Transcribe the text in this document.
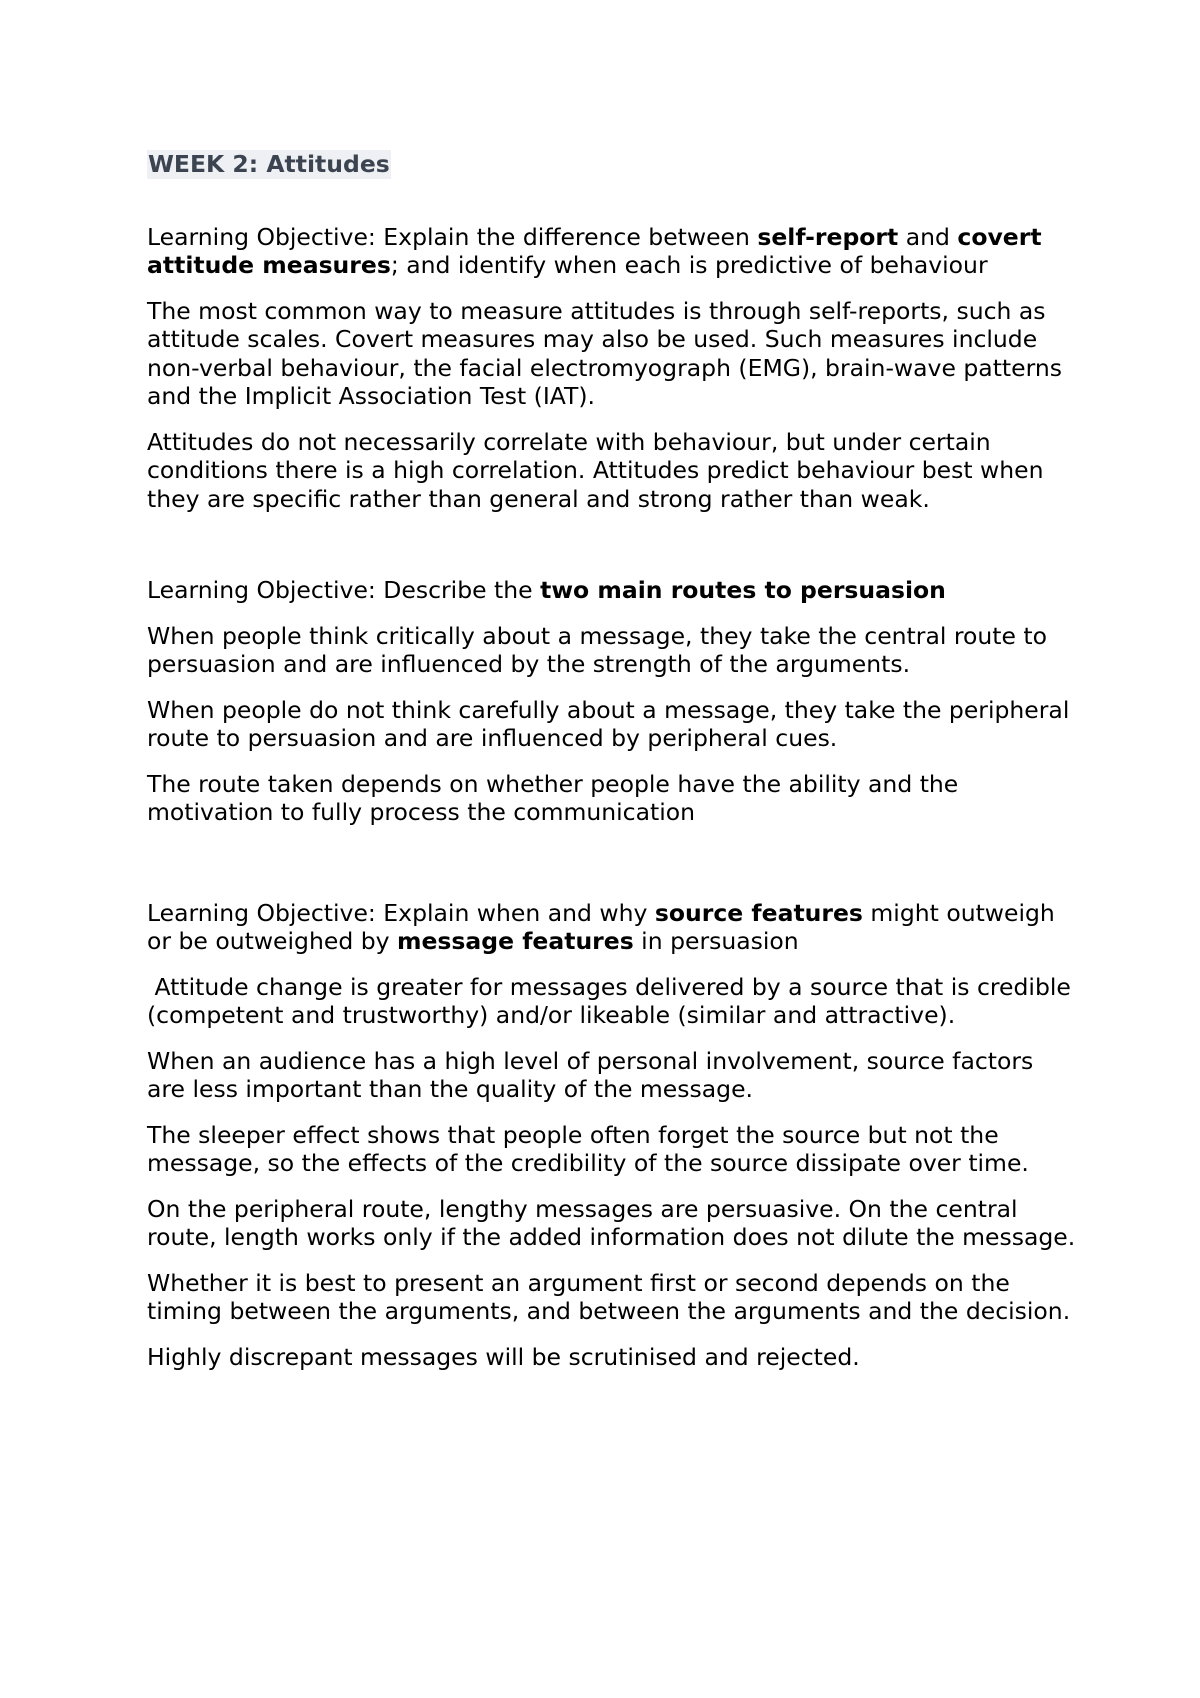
WEEK 2: Attitudes

Learning Objective: Explain the difference between self-report and covert attitude measures; and identify when each is predictive of behaviour

The most common way to measure attitudes is through self-reports, such as attitude scales. Covert measures may also be used. Such measures include non-verbal behaviour, the facial electromyograph (EMG), brain-wave patterns and the Implicit Association Test (IAT).

Attitudes do not necessarily correlate with behaviour, but under certain conditions there is a high correlation. Attitudes predict behaviour best when they are specific rather than general and strong rather than weak.

Learning Objective: Describe the two main routes to persuasion

When people think critically about a message, they take the central route to persuasion and are influenced by the strength of the arguments.

When people do not think carefully about a message, they take the peripheral route to persuasion and are influenced by peripheral cues.

The route taken depends on whether people have the ability and the motivation to fully process the communication

Learning Objective: Explain when and why source features might outweigh or be outweighed by message features in persuasion

Attitude change is greater for messages delivered by a source that is credible (competent and trustworthy) and/or likeable (similar and attractive).

When an audience has a high level of personal involvement, source factors are less important than the quality of the message.

The sleeper effect shows that people often forget the source but not the message, so the effects of the credibility of the source dissipate over time.

On the peripheral route, lengthy messages are persuasive. On the central route, length works only if the added information does not dilute the message.

Whether it is best to present an argument first or second depends on the timing between the arguments, and between the arguments and the decision.

Highly discrepant messages will be scrutinised and rejected.
